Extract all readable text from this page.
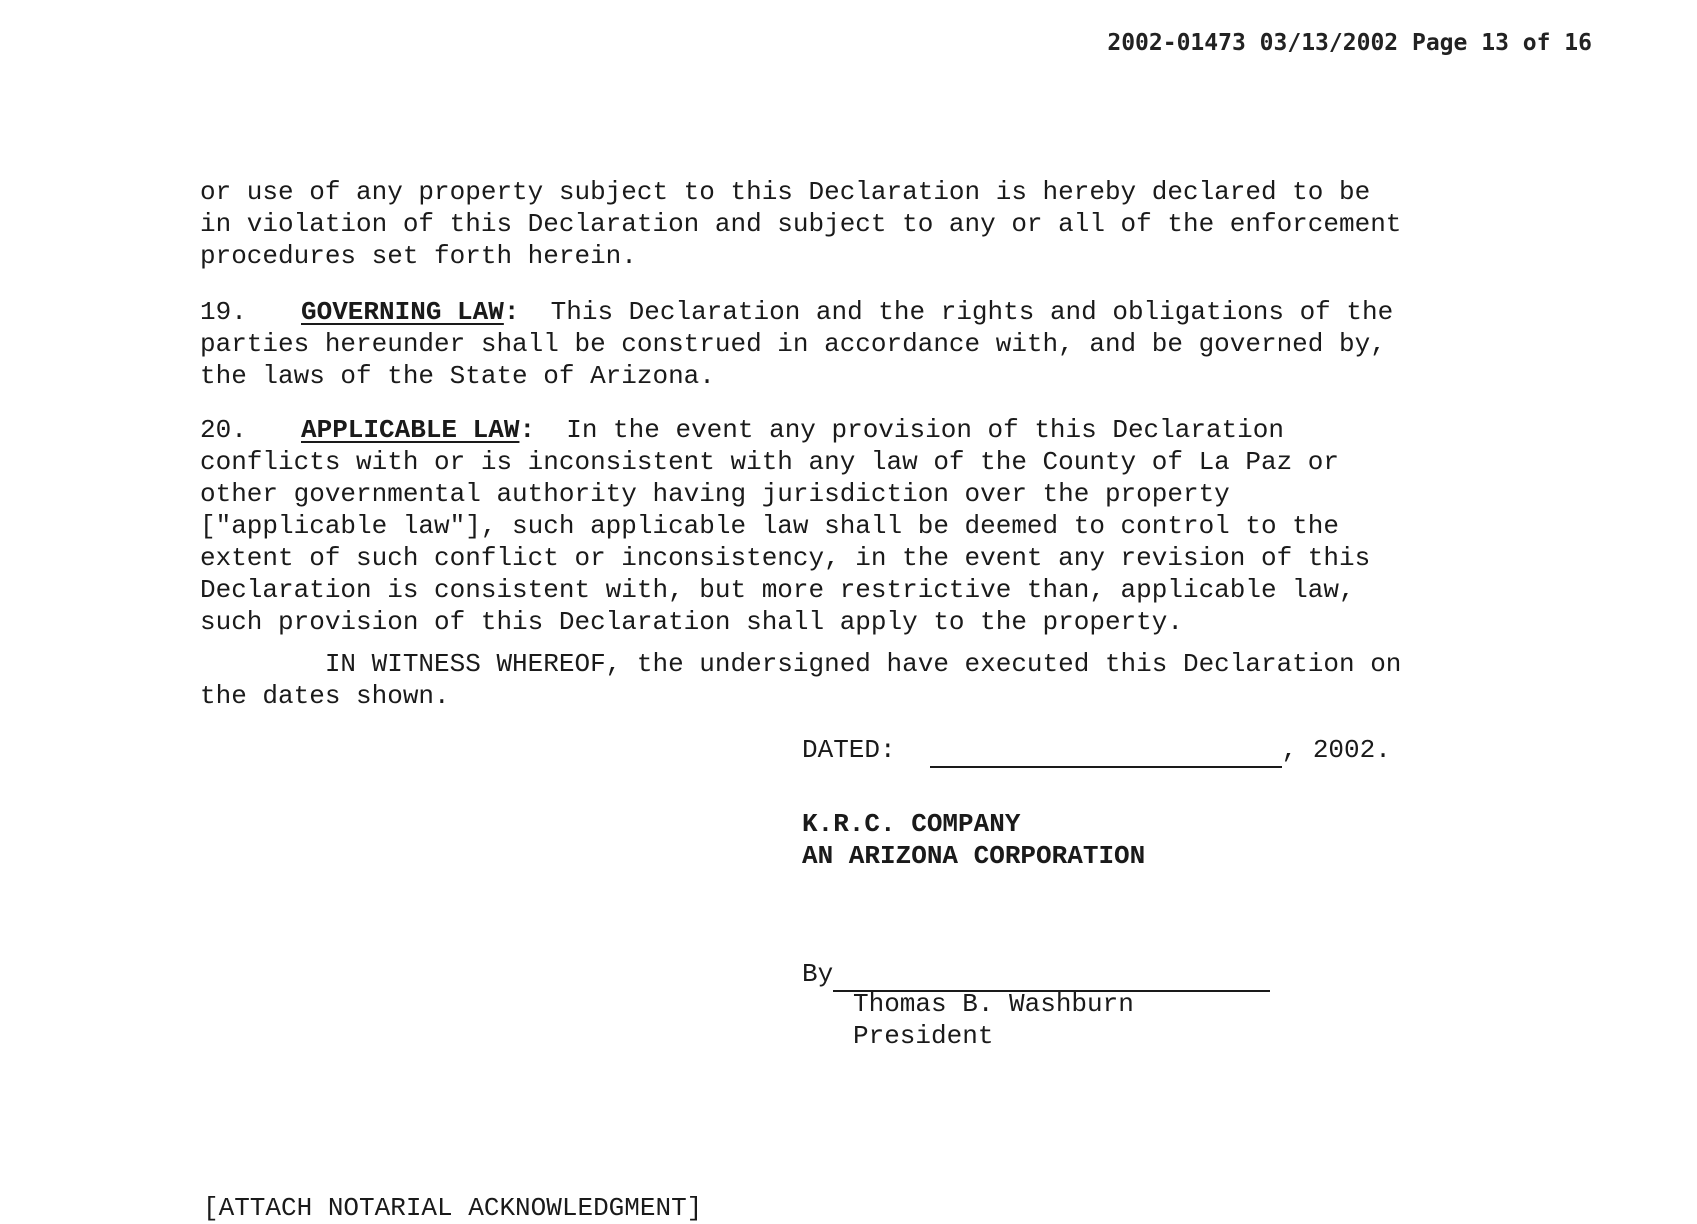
2002-01473 03/13/2002 Page 13 of 16
or use of any property subject to this Declaration is hereby declared to be
in violation of this Declaration and subject to any or all of the enforcement
procedures set forth herein.
19. GOVERNING LAW:  This Declaration and the rights and obligations of the
parties hereunder shall be construed in accordance with, and be governed by,
the laws of the State of Arizona.
20. APPLICABLE LAW:  In the event any provision of this Declaration
conflicts with or is inconsistent with any law of the County of La Paz or
other governmental authority having jurisdiction over the property
["applicable law"], such applicable law shall be deemed to control to the
extent of such conflict or inconsistency, in the event any revision of this
Declaration is consistent with, but more restrictive than, applicable law,
such provision of this Declaration shall apply to the property.
IN WITNESS WHEREOF, the undersigned have executed this Declaration on
the dates shown.
DATED:	, 2002.
K.R.C. COMPANY
AN ARIZONA CORPORATION
By
Thomas B. Washburn
President
[ATTACH NOTARIAL ACKNOWLEDGMENT]
